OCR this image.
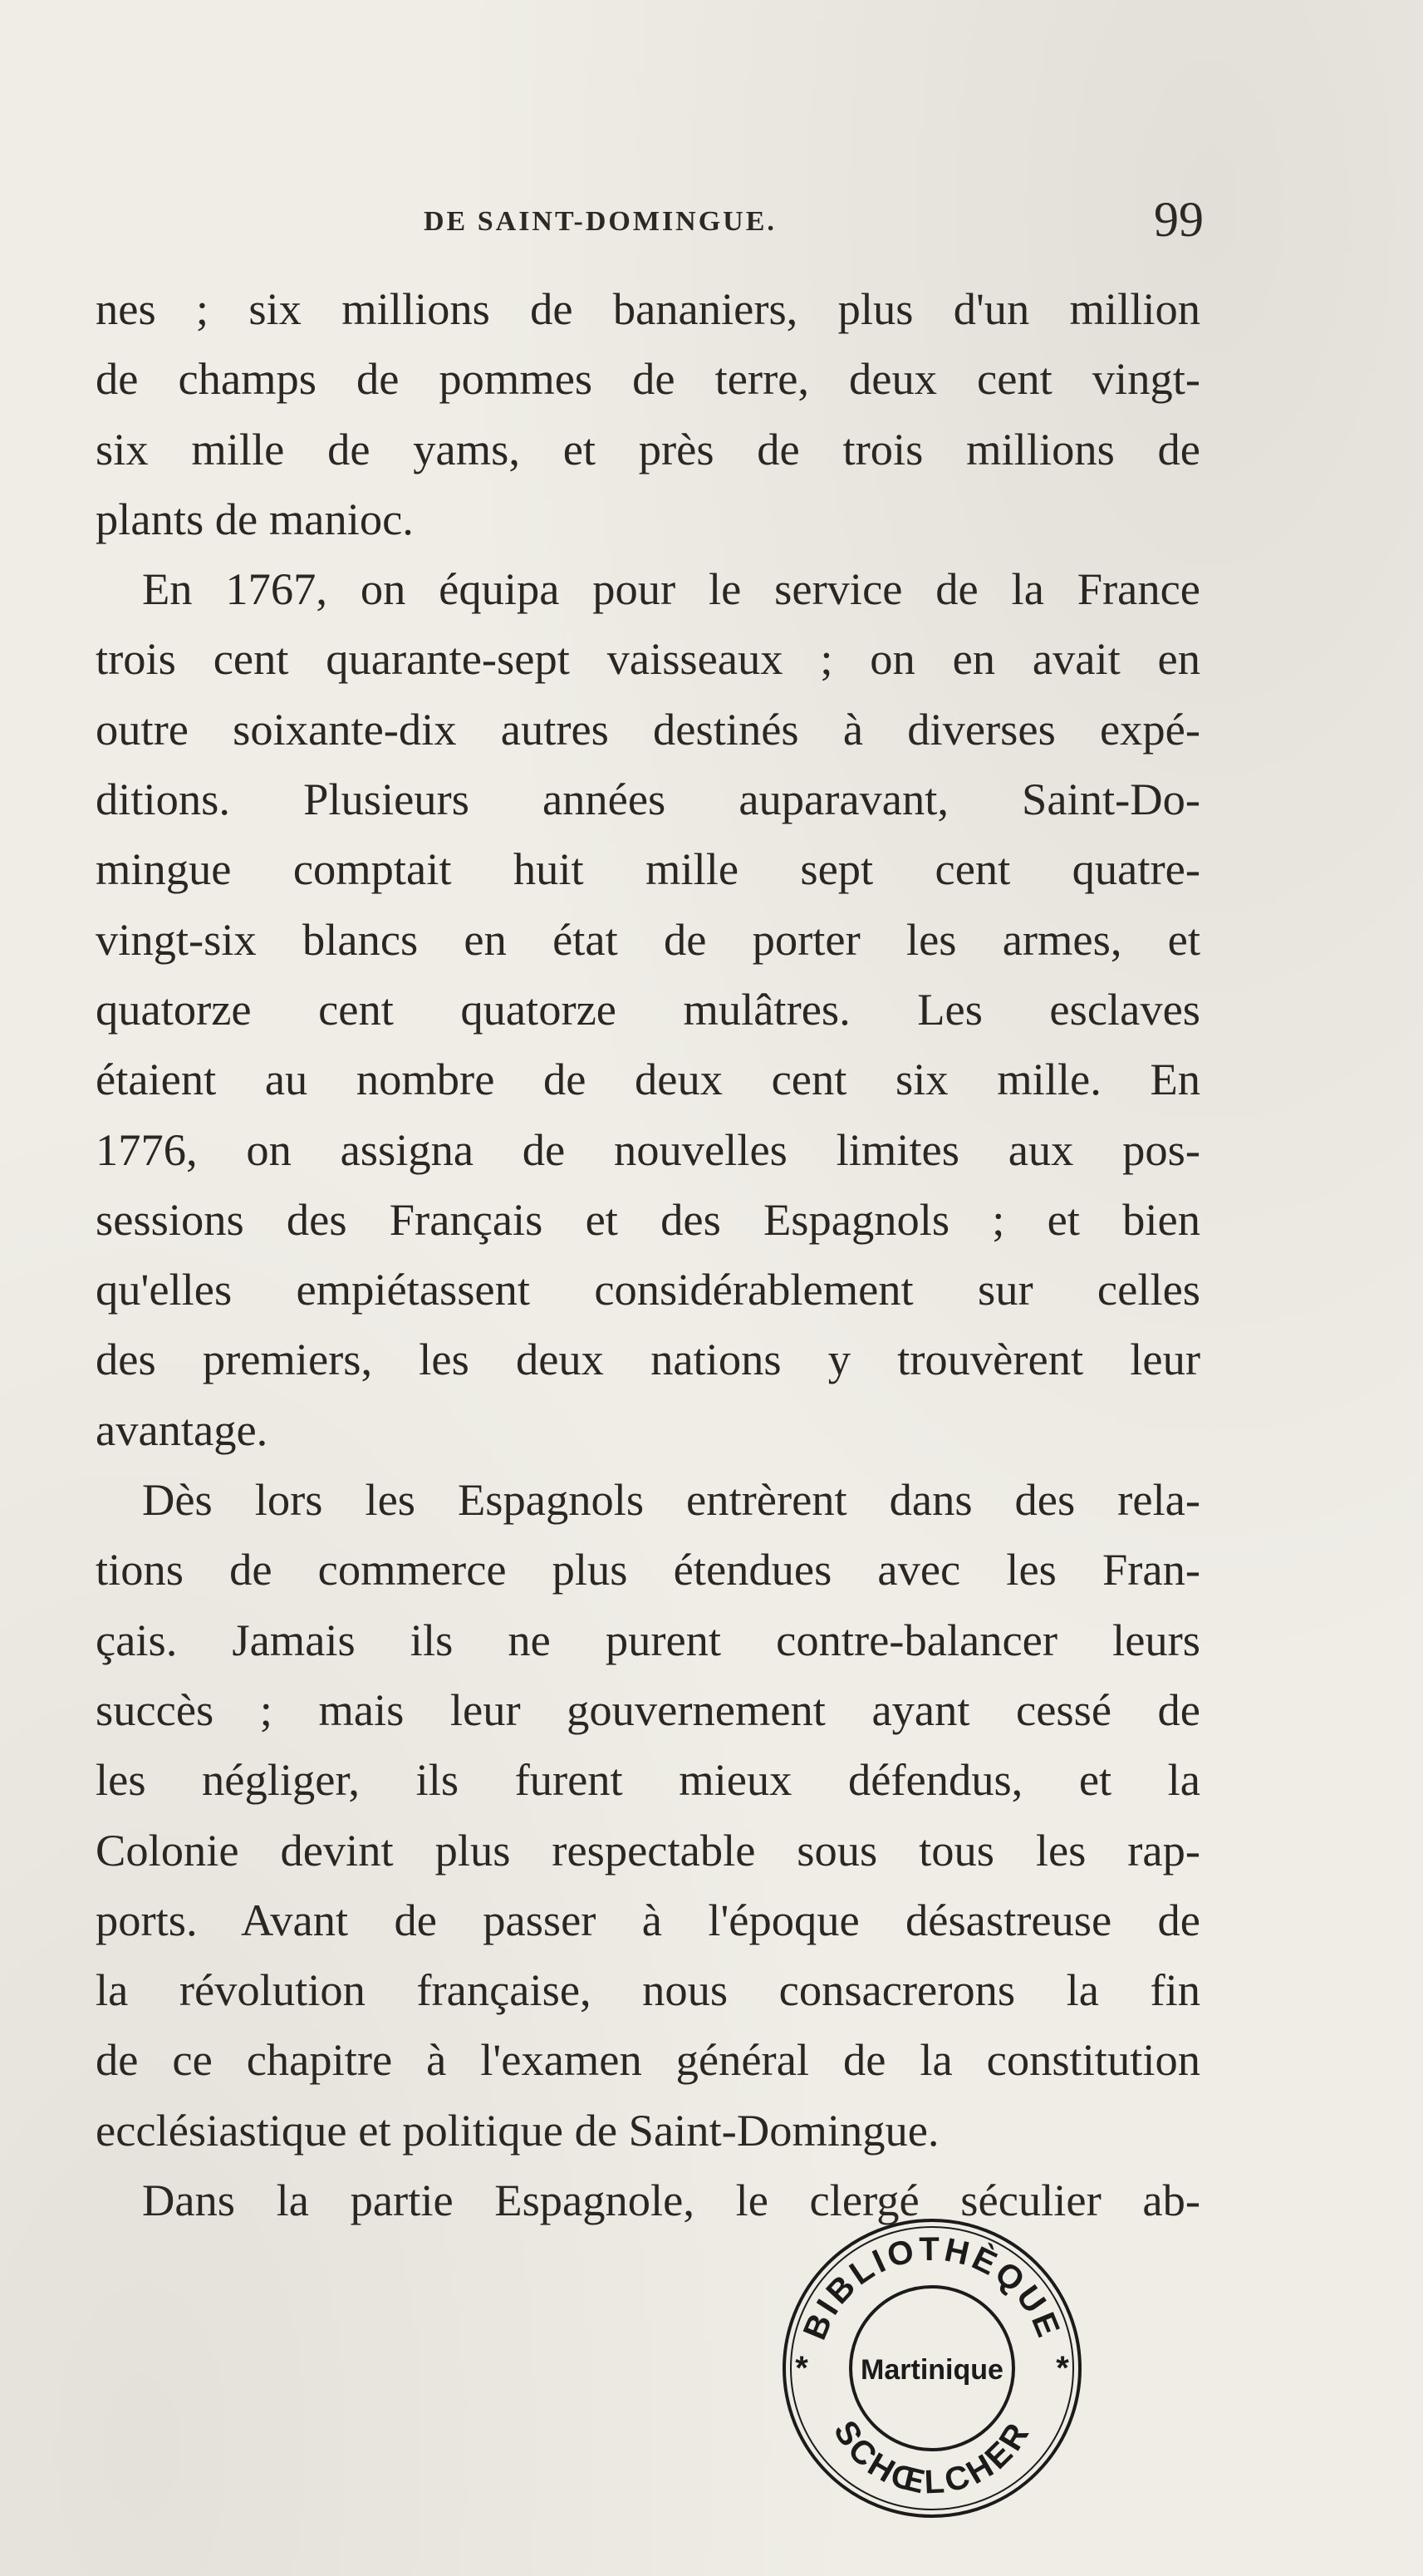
DE SAINT-DOMINGUE.	99
nes ; six millions de bananiers, plus d'un million
de champs de pommes de terre, deux cent vingt-
six mille de yams, et près de trois millions de
plants de manioc.
En 1767, on équipa pour le service de la France
trois cent quarante-sept vaisseaux ; on en avait en
outre soixante-dix autres destinés à diverses expé-
ditions. Plusieurs années auparavant, Saint-Do-
mingue comptait huit mille sept cent quatre-
vingt-six blancs en état de porter les armes, et
quatorze cent quatorze mulâtres. Les esclaves
étaient au nombre de deux cent six mille. En
1776, on assigna de nouvelles limites aux pos-
sessions des Français et des Espagnols ; et bien
qu'elles empiétassent considérablement sur celles
des premiers, les deux nations y trouvèrent leur
avantage.
Dès lors les Espagnols entrèrent dans des rela-
tions de commerce plus étendues avec les Fran-
çais. Jamais ils ne purent contre-balancer leurs
succès ; mais leur gouvernement ayant cessé de
les négliger, ils furent mieux défendus, et la
Colonie devint plus respectable sous tous les rap-
ports. Avant de passer à l'époque désastreuse de
la révolution française, nous consacrerons la fin
de ce chapitre à l'examen général de la constitution
ecclésiastique et politique de Saint-Domingue.
Dans la partie Espagnole, le clergé séculier ab-
BIBLIOTHÈQUE
SCHŒLCHER
Martinique
*	*
